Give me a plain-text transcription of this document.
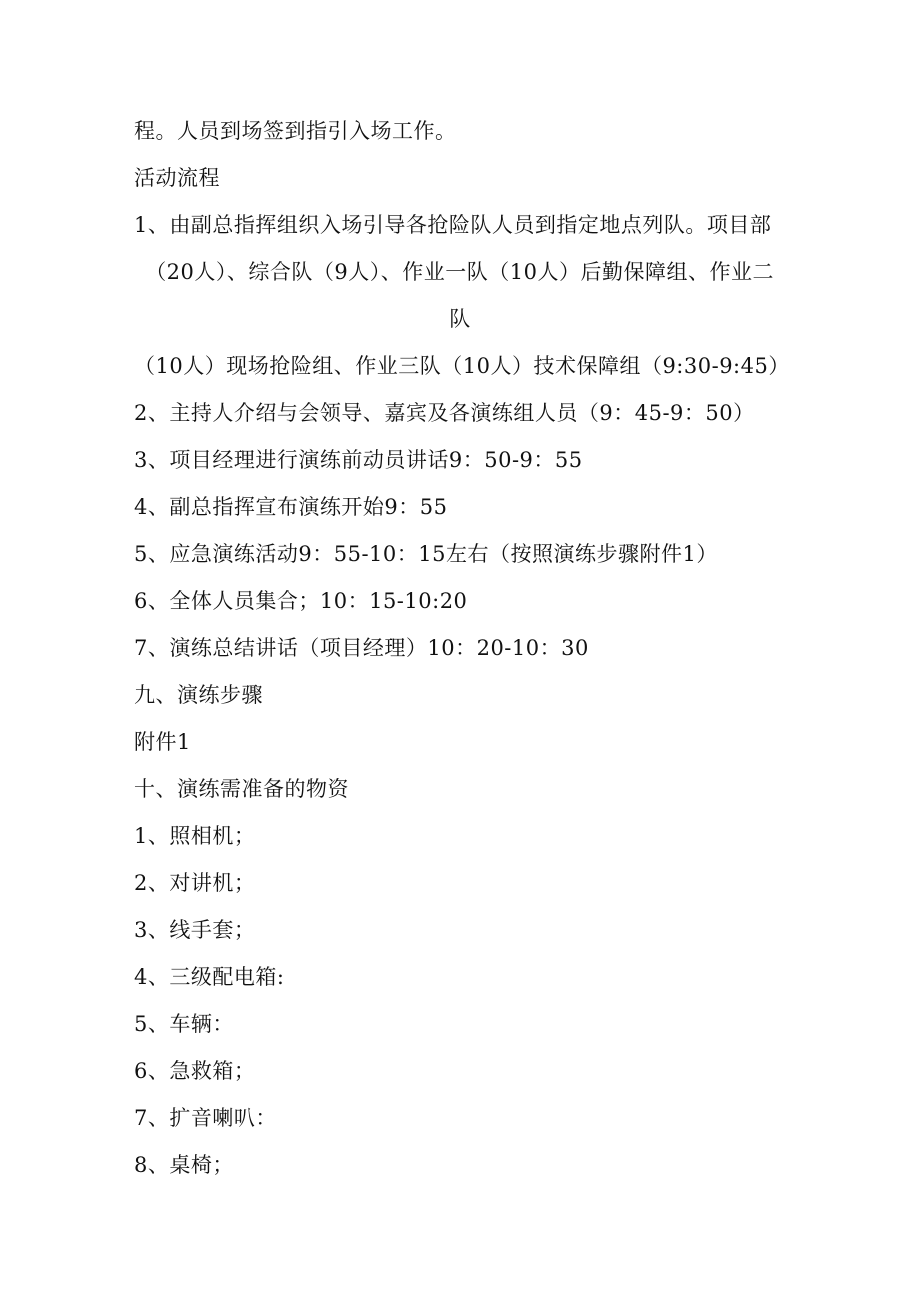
程。人员到场签到指引入场工作。
活动流程
1、由副总指挥组织入场引导各抢险队人员到指定地点列队。项目部
（20人）、综合队（9人）、作业一队（10人）后勤保障组、作业二
队
（10人）现场抢险组、作业三队（10人）技术保障组（9:30-9:45）
2、主持人介绍与会领导、嘉宾及各演练组人员（9：45-9：50）
3、项目经理进行演练前动员讲话9：50-9：55
4、副总指挥宣布演练开始9：55
5、应急演练活动9：55-10：15左右（按照演练步骤附件1）
6、全体人员集合；10：15-10:20
7、演练总结讲话（项目经理）10：20-10：30
九、演练步骤
附件1
十、演练需准备的物资
1、照相机；
2、对讲机；
3、线手套；
4、三级配电箱:
5、车辆：
6、急救箱；
7、扩音喇叭：
8、桌椅；
